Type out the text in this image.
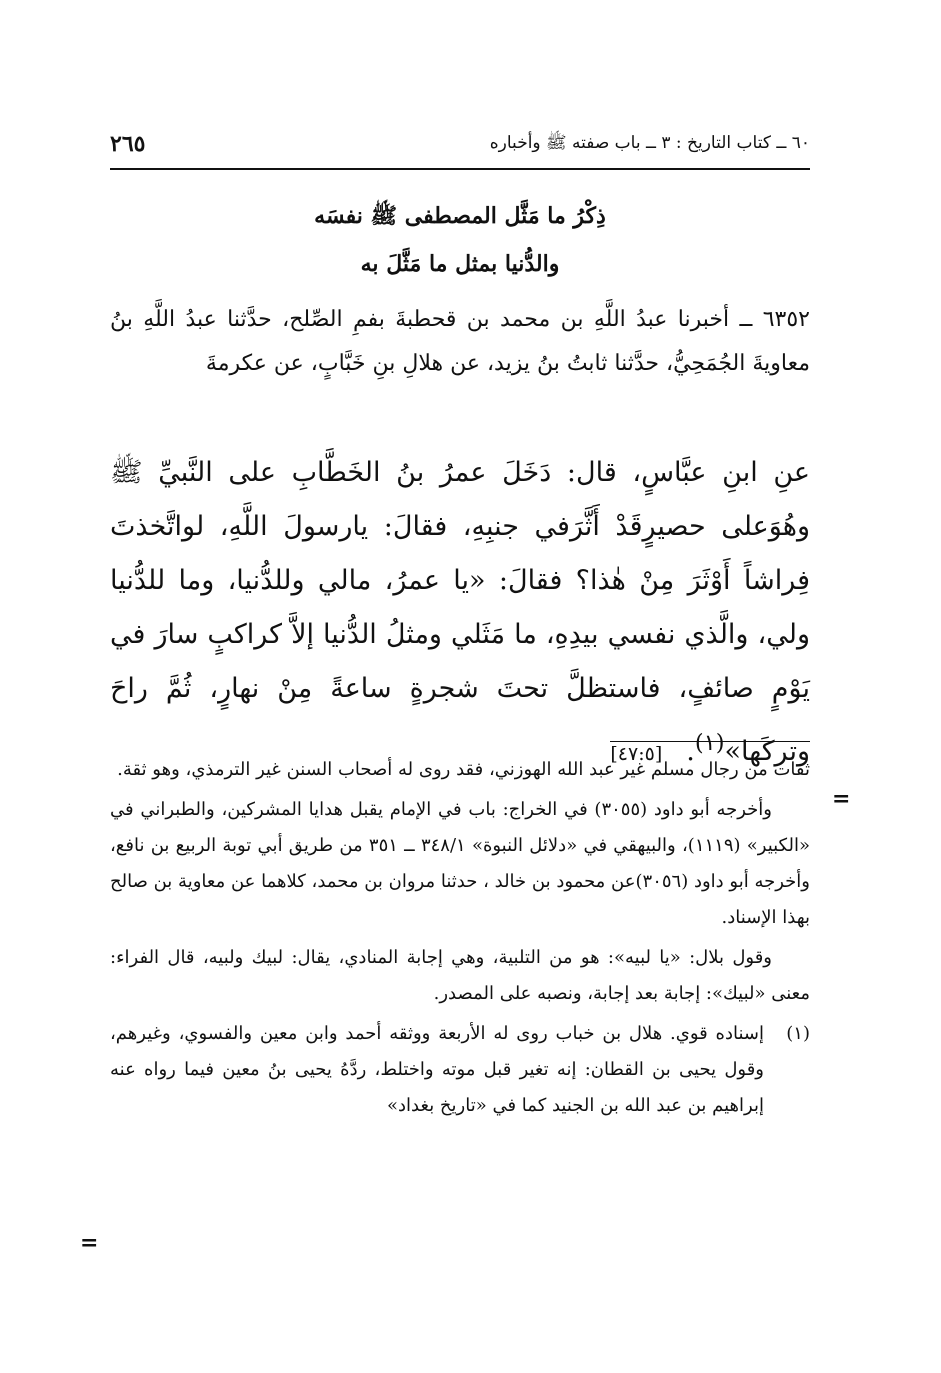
٦٠ ــ كتاب التاريخ : ٣ ــ باب صفته ﷺ وأخباره
٢٦٥
ذِكْرُ ما مَثَّل المصطفى ﷺ نفسَه
والدُّنيا بمثل ما مَثَّلَ به
٦٣٥٢ ــ أخبرنا عبدُ اللَّهِ بن محمد بن قحطبةَ بفمِ الصِّلح، حدَّثنا عبدُ اللَّهِ بنُ معاويةَ الجُمَحِيُّ، حدَّثنا ثابتُ بنُ يزيد، عن هلالِ بنِ خَبَّابٍ، عن عكرمةَ
عنِ ابنِ عبَّاسٍ، قال: دَخَلَ عمرُ بنُ الخَطَّابِ على النَّبيِّ ﷺ وهُوَعلى حصيرٍقَدْ أَثَّرَفي جنبِهِ، فقالَ: يارسولَ اللَّهِ، لواتَّخذتَ فِراشاً أَوْثَرَ مِنْ هٰذا؟ فقالَ: «يا عمرُ، مالي وللدُّنيا، وما للدُّنيا ولي، والَّذي نفسي بيدِهِ، ما مَثَلي ومثلُ الدُّنيا إلاَّ كراكبٍ سارَ في يَوْمٍ صائفٍ، فاستظلَّ تحتَ شجرةٍ ساعةً مِنْ نهارٍ، ثُمَّ راحَ وتركَها»$^{(١)}$.[٤٧:٥]
=

ثقات من رجال مسلم غير عبد الله الهوزني، فقد روى له أصحاب السنن غير الترمذي، وهو ثقة.

وأخرجه أبو داود (٣٠٥٥) في الخراج: باب في الإمام يقبل هدايا المشركين، والطبراني في «الكبير» (١١١٩)، والبيهقي في «دلائل النبوة» ٣٤٨/١ ــ ٣٥١ من طريق أبي توبة الربيع بن نافع، وأخرجه أبو داود (٣٠٥٦)عن محمود بن خالد ، حدثنا مروان بن محمد، كلاهما عن معاوية بن صالح بهذا الإسناد.

وقول بلال: «يا لبيه»: هو من التلبية، وهي إجابة المنادي، يقال: لبيك ولبيه، قال الفراء: معنى «لبيك»: إجابة بعد إجابة، ونصبه على المصدر.

(١)
إسناده قوي. هلال بن خباب روى له الأربعة ووثقه أحمد وابن معين والفسوي، وغيرهم، وقول يحيى بن القطان: إنه تغير قبل موته واختلط، ردَّهُ يحيى بنُ معين فيما رواه عنه إبراهيم بن عبد الله بن الجنيد كما في «تاريخ بغداد»
=
